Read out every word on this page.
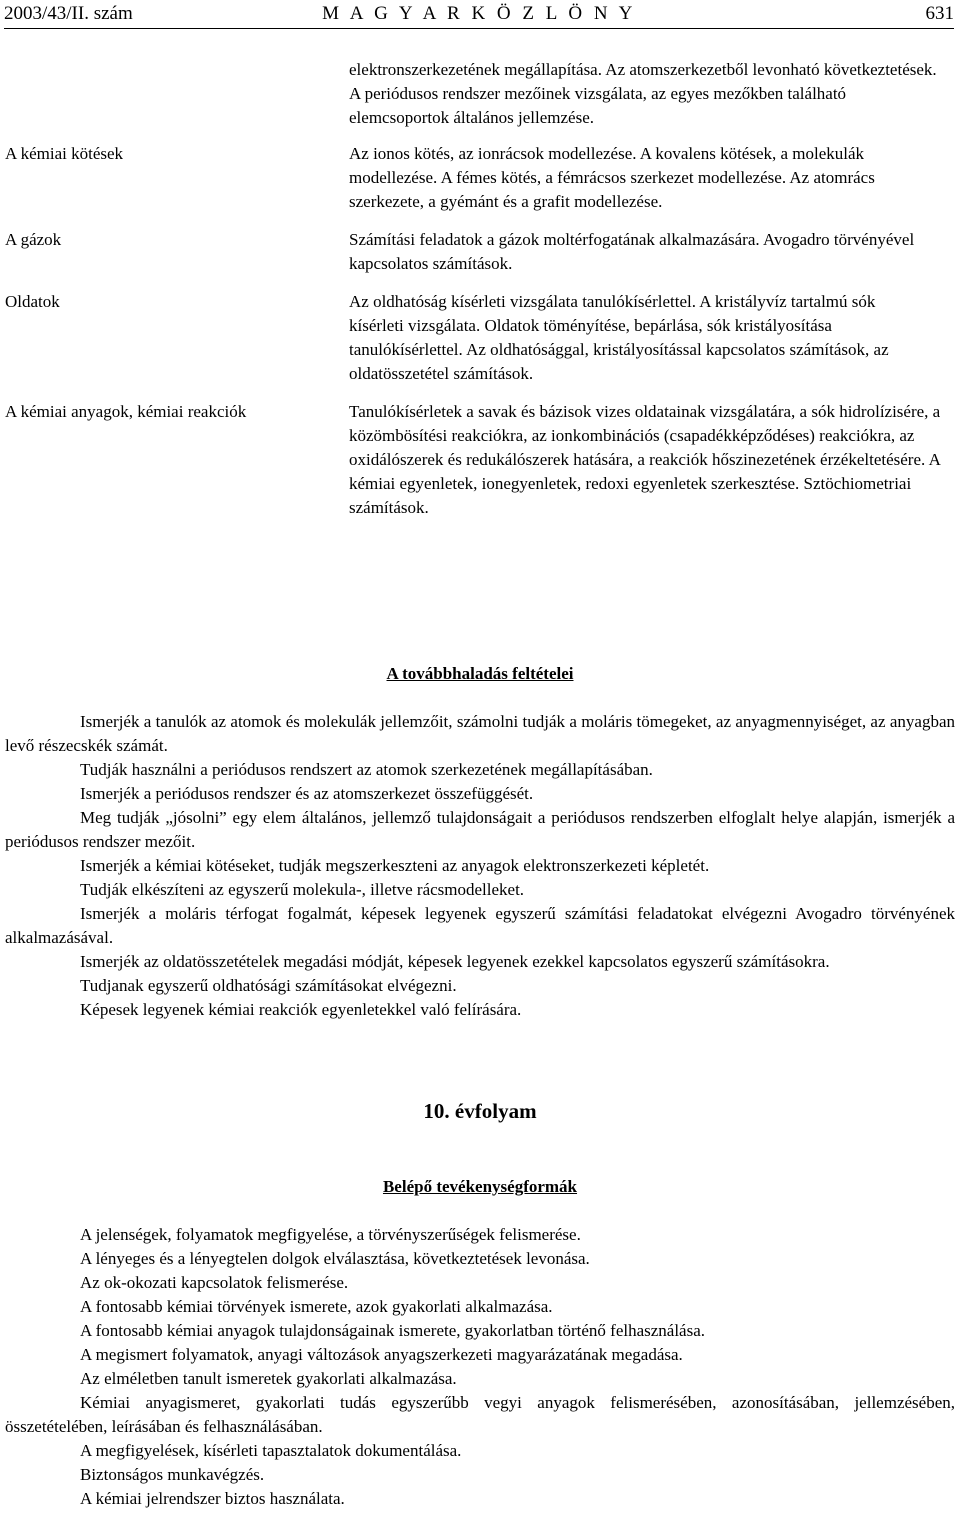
2003/43/II. szám	M A G Y A R K Ö Z L Ö N Y	631
elektronszerkezetének megállapítása. Az atomszerkezetből levonható következtetések. A periódusos rendszer mezőinek vizsgálata, az egyes mezőkben található elemcsoportok általános jellemzése.
A kémiai kötések	Az ionos kötés, az ionrácsok modellezése. A kovalens kötések, a molekulák modellezése. A fémes kötés, a fémrácsos szerkezet modellezése. Az atomrács szerkezete, a gyémánt és a grafit modellezése.
A gázok	Számítási feladatok a gázok moltérfogatának alkalmazására. Avogadro törvényével kapcsolatos számítások.
Oldatok	Az oldhatóság kísérleti vizsgálata tanulókísérlettel. A kristályvíz tartalmú sók kísérleti vizsgálata. Oldatok töményítése, bepárlása, sók kristályosítása tanulókísérlettel. Az oldhatósággal, kristályosítással kapcsolatos számítások, az oldatösszetétel számítások.
A kémiai anyagok, kémiai reakciók	Tanulókísérletek a savak és bázisok vizes oldatainak vizsgálatára, a sók hidrolízisére, a közömbösítési reakciókra, az ionkombinációs (csapadékképződéses) reakciókra, az oxidálószerek és redukálószerek hatására, a reakciók hőszinezetének érzékeltetésére. A kémiai egyenletek, ionegyenletek, redoxi egyenletek szerkesztése. Sztöchiometriai számítások.
A továbbhaladás feltételei

Ismerjék a tanulók az atomok és molekulák jellemzőit, számolni tudják a moláris tömegeket, az anyagmennyiséget, az anyagban levő részecskék számát.

Tudják használni a periódusos rendszert az atomok szerkezetének megállapításában.

Ismerjék a periódusos rendszer és az atomszerkezet összefüggését.

Meg tudják „jósolni” egy elem általános, jellemző tulajdonságait a periódusos rendszerben elfoglalt helye alapján, ismerjék a periódusos rendszer mezőit.

Ismerjék a kémiai kötéseket, tudják megszerkeszteni az anyagok elektronszerkezeti képletét.

Tudják elkészíteni az egyszerű molekula-, illetve rácsmodelleket.

Ismerjék a moláris térfogat fogalmát, képesek legyenek egyszerű számítási feladatokat elvégezni Avogadro törvényének alkalmazásával.

Ismerjék az oldatösszetételek megadási módját, képesek legyenek ezekkel kapcsolatos egyszerű számításokra.

Tudjanak egyszerű oldhatósági számításokat elvégezni.

Képesek legyenek kémiai reakciók egyenletekkel való felírására.

10. évfolyam
Belépő tevékenységformák

A jelenségek, folyamatok megfigyelése, a törvényszerűségek felismerése.

A lényeges és a lényegtelen dolgok elválasztása, következtetések levonása.

Az ok-okozati kapcsolatok felismerése.

A fontosabb kémiai törvények ismerete, azok gyakorlati alkalmazása.

A fontosabb kémiai anyagok tulajdonságainak ismerete, gyakorlatban történő felhasználása.

A megismert folyamatok, anyagi változások anyagszerkezeti magyarázatának megadása.

Az elméletben tanult ismeretek gyakorlati alkalmazása.

Kémiai anyagismeret, gyakorlati tudás egyszerűbb vegyi anyagok felismerésében, azonosításában, jellemzésében, összetételében, leírásában és felhasználásában.

A megfigyelések, kísérleti tapasztalatok dokumentálása.

Biztonságos munkavégzés.

A kémiai jelrendszer biztos használata.
